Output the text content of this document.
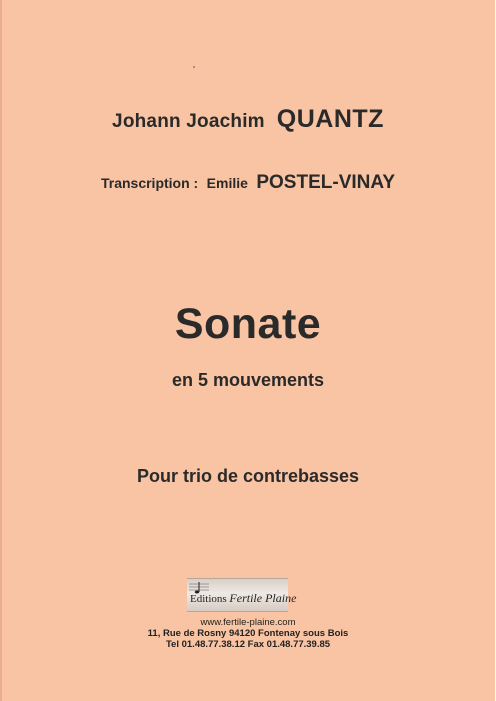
Johann Joachim QUANTZ
Transcription : Emilie POSTEL-VINAY
Sonate
en 5 mouvements
Pour trio de contrebasses
Editions Fertile Plaine
www.fertile-plaine.com
11, Rue de Rosny 94120 Fontenay sous Bois
Tel 01.48.77.38.12 Fax 01.48.77.39.85
